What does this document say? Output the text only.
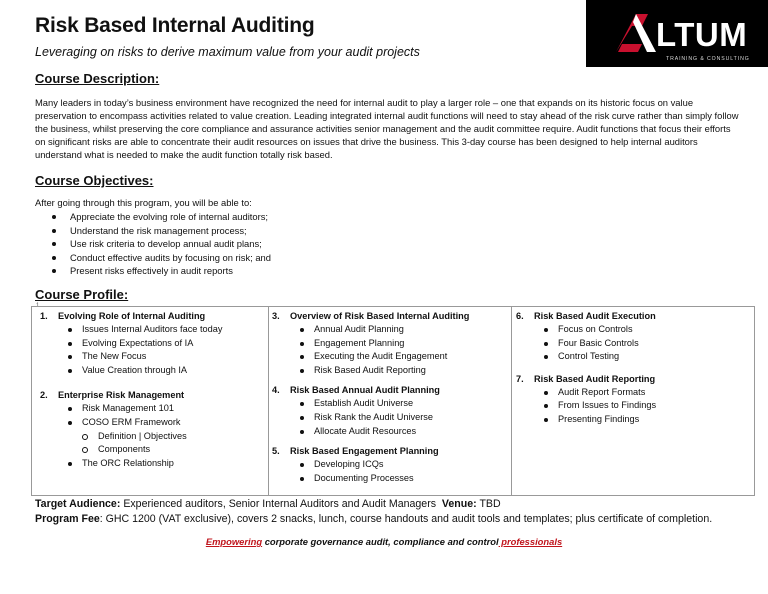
Risk Based Internal Auditing
Leveraging on risks to derive maximum value from your audit projects	LTUM
TRAINING & CONSULTING
Course Description:
Many leaders in today’s business environment have recognized the need for internal audit to play a larger role – one that expands on its historic focus on value preservation to encompass activities related to value creation. Leading integrated internal audit functions will need to stay ahead of the risk curve rather than simply follow the business, whilst preserving the core compliance and assurance activities senior management and the audit committee require. Audit functions that focus their efforts on significant risks are able to concentrate their audit resources on issues that drive the business. This 3-day course has been designed to help internal auditors understand what is needed to make the audit function totally risk based.
Course Objectives:
After going through this program, you will be able to:
Appreciate the evolving role of internal auditors;
Understand the risk management process;
Use risk criteria to develop annual audit plans;
Conduct effective audits by focusing on risk; and
Present risks effectively in audit reports
Course Profile:
1
1. Evolving Role of Internal Auditing
Issues Internal Auditors face today
Evolving Expectations of IA
The New Focus
Value Creation through IA
2. Enterprise Risk Management
Risk Management 101
COSO ERM Framework
Definition | Objectives
Components
The ORC Relationship
3. Overview of Risk Based Internal Auditing
Annual Audit Planning
Engagement Planning
Executing the Audit Engagement
Risk Based Audit Reporting
4. Risk Based Annual Audit Planning
Establish Audit Universe
Risk Rank the Audit Universe
Allocate Audit Resources
5. Risk Based Engagement Planning
Developing ICQs
Documenting Processes
6. Risk Based Audit Execution
Focus on Controls
Four Basic Controls
Control Testing
7. Risk Based Audit Reporting
Audit Report Formats
From Issues to Findings
Presenting Findings
Target Audience: Experienced auditors, Senior Internal Auditors and Audit Managers Venue: TBD
Program Fee: GHC 1200 (VAT exclusive), covers 2 snacks, lunch, course handouts and audit tools and templates; plus certificate of completion.
Empowering corporate governance audit, compliance and control professionals
